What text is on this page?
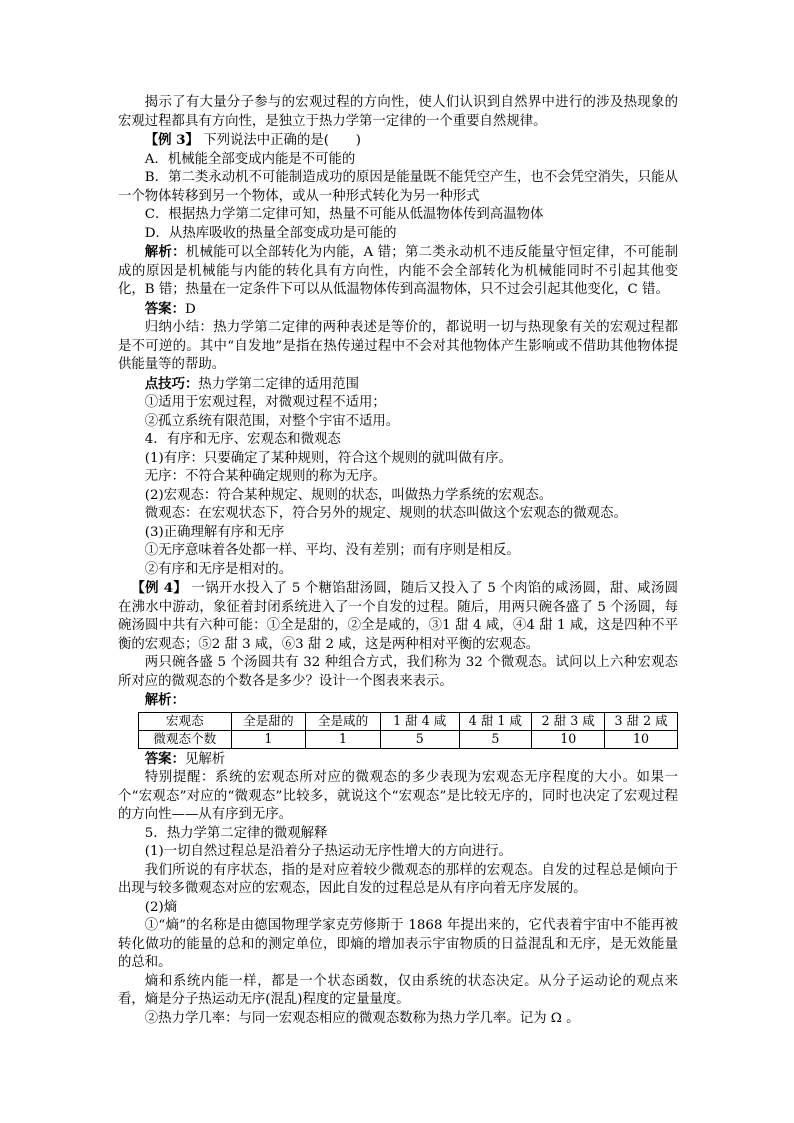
揭示了有大量分子参与的宏观过程的方向性，使人们认识到自然界中进行的涉及热现象的宏观过程都具有方向性，是独立于热力学第一定律的一个重要自然规律。

【例 3】 下列说法中正确的是(　　)

A．机械能全部变成内能是不可能的

B．第二类永动机不可能制造成功的原因是能量既不能凭空产生，也不会凭空消失，只能从一个物体转移到另一个物体，或从一种形式转化为另一种形式

C．根据热力学第二定律可知，热量不可能从低温物体传到高温物体

D．从热库吸收的热量全部变成功是可能的

解析：机械能可以全部转化为内能，A 错；第二类永动机不违反能量守恒定律，不可能制成的原因是机械能与内能的转化具有方向性，内能不会全部转化为机械能同时不引起其他变化，B 错；热量在一定条件下可以从低温物体传到高温物体，只不过会引起其他变化，C 错。

答案：D

归纳小结：热力学第二定律的两种表述是等价的，都说明一切与热现象有关的宏观过程都是不可逆的。其中“自发地”是指在热传递过程中不会对其他物体产生影响或不借助其他物体提供能量等的帮助。

点技巧：热力学第二定律的适用范围

①适用于宏观过程，对微观过程不适用；

②孤立系统有限范围，对整个宇宙不适用。

4．有序和无序、宏观态和微观态

(1)有序：只要确定了某种规则，符合这个规则的就叫做有序。

无序：不符合某种确定规则的称为无序。

(2)宏观态：符合某种规定、规则的状态，叫做热力学系统的宏观态。

微观态：在宏观状态下，符合另外的规定、规则的状态叫做这个宏观态的微观态。

(3)正确理解有序和无序

①无序意味着各处都一样、平均、没有差别；而有序则是相反。

②有序和无序是相对的。

【例 4】 一锅开水投入了 5 个糖馅甜汤圆，随后又投入了 5 个肉馅的咸汤圆，甜、咸汤圆在沸水中游动，象征着封闭系统进入了一个自发的过程。随后，用两只碗各盛了 5 个汤圆，每碗汤圆中共有六种可能：①全是甜的，②全是咸的，③1 甜 4 咸，④4 甜 1 咸，这是四种不平衡的宏观态；⑤2 甜 3 咸，⑥3 甜 2 咸，这是两种相对平衡的宏观态。

两只碗各盛 5 个汤圆共有 32 种组合方式，我们称为 32 个微观态。试问以上六种宏观态所对应的微观态的个数各是多少？设计一个图表来表示。

解析：

宏观态	全是甜的	全是咸的	1 甜 4 咸	4 甜 1 咸	2 甜 3 咸	3 甜 2 咸
微观态个数	1	1	5	5	10	10

答案：见解析

特别提醒：系统的宏观态所对应的微观态的多少表现为宏观态无序程度的大小。如果一个“宏观态”对应的“微观态”比较多，就说这个“宏观态”是比较无序的，同时也决定了宏观过程的方向性——从有序到无序。

5．热力学第二定律的微观解释

(1)一切自然过程总是沿着分子热运动无序性增大的方向进行。

我们所说的有序状态，指的是对应着较少微观态的那样的宏观态。自发的过程总是倾向于出现与较多微观态对应的宏观态，因此自发的过程总是从有序向着无序发展的。

(2)熵

①“熵”的名称是由德国物理学家克劳修斯于 1868 年提出来的，它代表着宇宙中不能再被转化做功的能量的总和的测定单位，即熵的增加表示宇宙物质的日益混乱和无序，是无效能量的总和。

熵和系统内能一样，都是一个状态函数，仅由系统的状态决定。从分子运动论的观点来看，熵是分子热运动无序(混乱)程度的定量量度。

②热力学几率：与同一宏观态相应的微观态数称为热力学几率。记为 Ω 。
